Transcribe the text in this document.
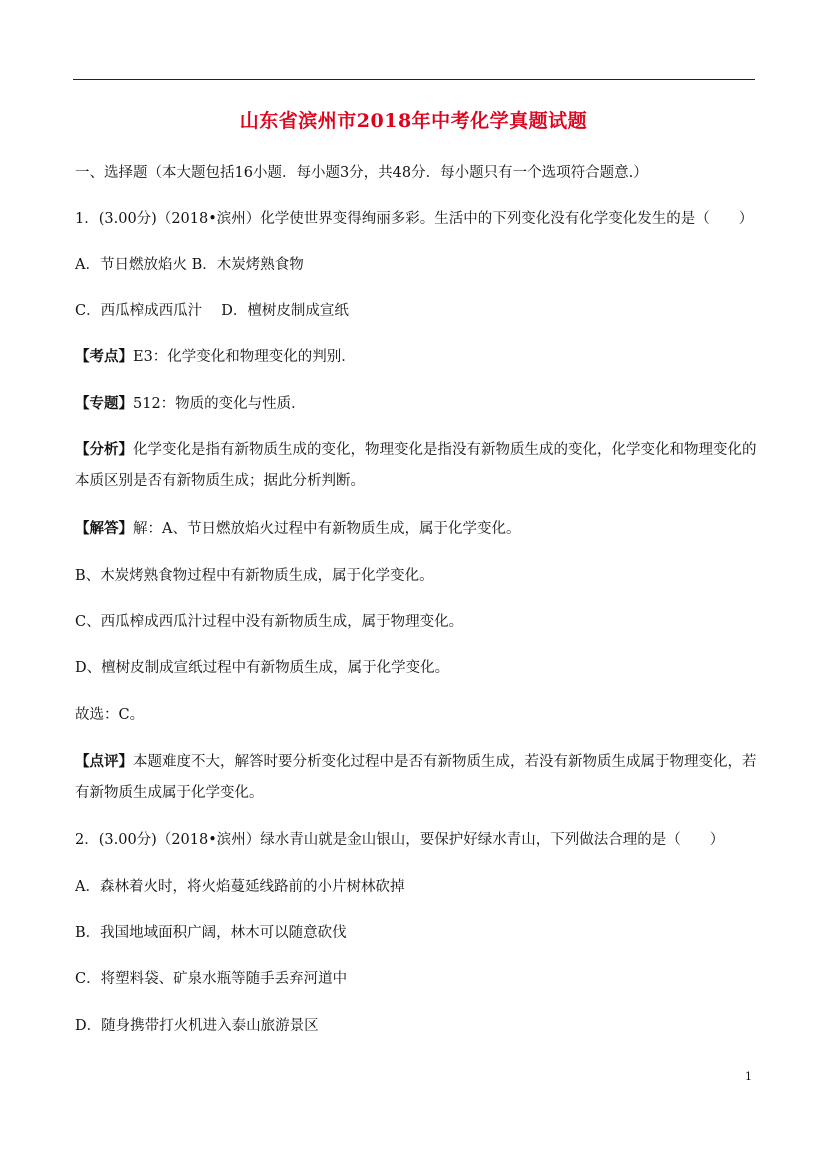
山东省滨州市2018年中考化学真题试题
一、选择题（本大题包括16小题．每小题3分，共48分．每小题只有一个选项符合题意.）
1．(3.00分)（2018•滨州）化学使世界变得绚丽多彩。生活中的下列变化没有化学变化发生的是（　　）
A．节日燃放焰火 B．木炭烤熟食物
C．西瓜榨成西瓜汁　 D．檀树皮制成宣纸
【考点】E3：化学变化和物理变化的判别．
【专题】512：物质的变化与性质．
【分析】化学变化是指有新物质生成的变化，物理变化是指没有新物质生成的变化，化学变化和物理变化的本质区别是否有新物质生成；据此分析判断。
【解答】解：A、节日燃放焰火过程中有新物质生成，属于化学变化。
B、木炭烤熟食物过程中有新物质生成，属于化学变化。
C、西瓜榨成西瓜汁过程中没有新物质生成，属于物理变化。
D、檀树皮制成宣纸过程中有新物质生成，属于化学变化。
故选：C。
【点评】本题难度不大，解答时要分析变化过程中是否有新物质生成，若没有新物质生成属于物理变化，若有新物质生成属于化学变化。
2．(3.00分)（2018•滨州）绿水青山就是金山银山，要保护好绿水青山，下列做法合理的是（　　）
A．森林着火时，将火焰蔓延线路前的小片树林砍掉
B．我国地域面积广阔，林木可以随意砍伐
C．将塑料袋、矿泉水瓶等随手丢弃河道中
D．随身携带打火机进入泰山旅游景区
1
